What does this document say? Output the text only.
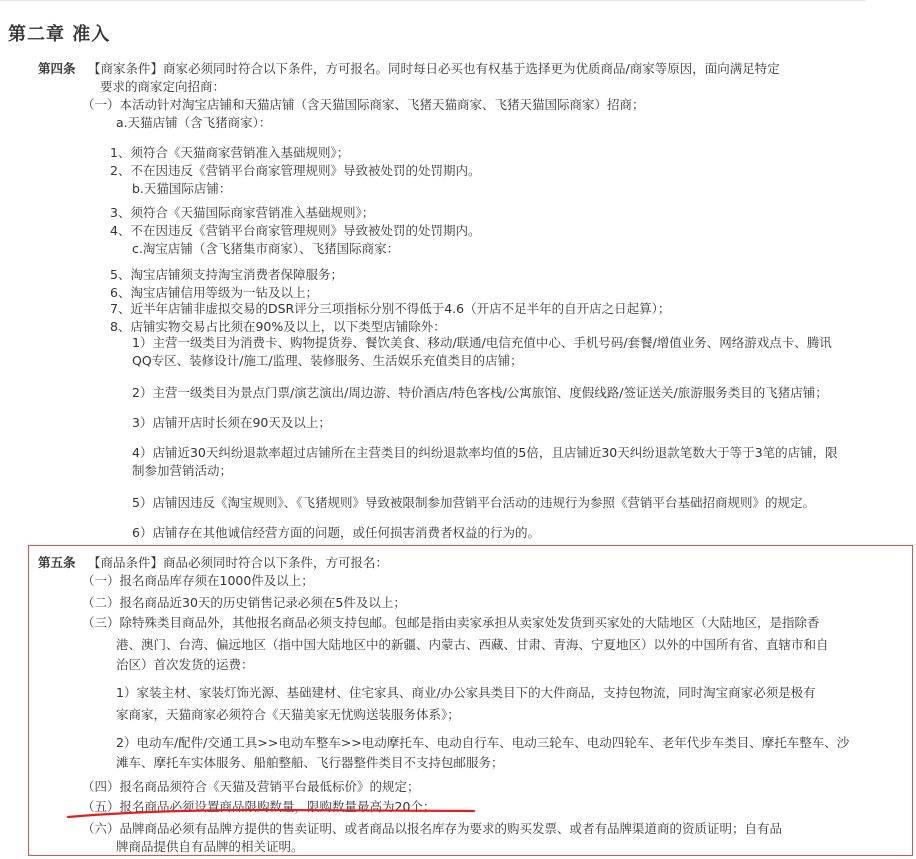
第二章 准入
第四条 【商家条件】商家必须同时符合以下条件，方可报名。同时每日必买也有权基于选择更为优质商品/商家等原因，面向满足特定
要求的商家定向招商：
（一）本活动针对淘宝店铺和天猫店铺（含天猫国际商家、飞猪天猫商家、飞猪天猫国际商家）招商；
a.天猫店铺（含飞猪商家）：
1、须符合《天猫商家营销准入基础规则》；
2、不在因违反《营销平台商家管理规则》导致被处罚的处罚期内。
b.天猫国际店铺：
3、须符合《天猫国际商家营销准入基础规则》；
4、不在因违反《营销平台商家管理规则》导致被处罚的处罚期内。
c.淘宝店铺（含飞猪集市商家）、飞猪国际商家：
5、淘宝店铺须支持淘宝消费者保障服务；
6、淘宝店铺信用等级为一钻及以上；
7、近半年店铺非虚拟交易的DSR评分三项指标分别不得低于4.6（开店不足半年的自开店之日起算）；
8、店铺实物交易占比须在90%及以上，以下类型店铺除外：
1）主营一级类目为消费卡、购物提货券、餐饮美食、移动/联通/电信充值中心、手机号码/套餐/增值业务、网络游戏点卡、腾讯
QQ专区、装修设计/施工/监理、装修服务、生活娱乐充值类目的店铺；
2）主营一级类目为景点门票/演艺演出/周边游、特价酒店/特色客栈/公寓旅馆、度假线路/签证送关/旅游服务类目的飞猪店铺；
3）店铺开店时长须在90天及以上；
4）店铺近30天纠纷退款率超过店铺所在主营类目的纠纷退款率均值的5倍，且店铺近30天纠纷退款笔数大于等于3笔的店铺，限
制参加营销活动；
5）店铺因违反《淘宝规则》、《飞猪规则》导致被限制参加营销平台活动的违规行为参照《营销平台基础招商规则》的规定。
6）店铺存在其他诚信经营方面的问题，或任何损害消费者权益的行为的。
第五条 【商品条件】商品必须同时符合以下条件，方可报名：
（一）报名商品库存须在1000件及以上；
（二）报名商品近30天的历史销售记录必须在5件及以上；
（三）除特殊类目商品外，其他报名商品必须支持包邮。包邮是指由卖家承担从卖家处发货到买家处的大陆地区（大陆地区，是指除香
港、澳门、台湾、偏远地区（指中国大陆地区中的新疆、内蒙古、西藏、甘肃、青海、宁夏地区）以外的中国所有省、直辖市和自
治区）首次发货的运费：
1）家装主材、家装灯饰光源、基础建材、住宅家具、商业/办公家具类目下的大件商品，支持包物流，同时淘宝商家必须是极有
家商家，天猫商家必须符合《天猫美家无忧购送装服务体系》；
2）电动车/配件/交通工具>>电动车整车>>电动摩托车、电动自行车、电动三轮车、电动四轮车、老年代步车类目、摩托车整车、沙
滩车、摩托车实体服务、船舶整船、飞行器整件类目不支持包邮服务；
（四）报名商品须符合《天猫及营销平台最低标价》的规定；
（五）报名商品必须设置商品限购数量，限购数量最高为20个；
（六）品牌商品必须有品牌方提供的售卖证明、或者商品以报名库存为要求的购买发票、或者有品牌渠道商的资质证明；自有品
牌商品提供自有品牌的相关证明。
